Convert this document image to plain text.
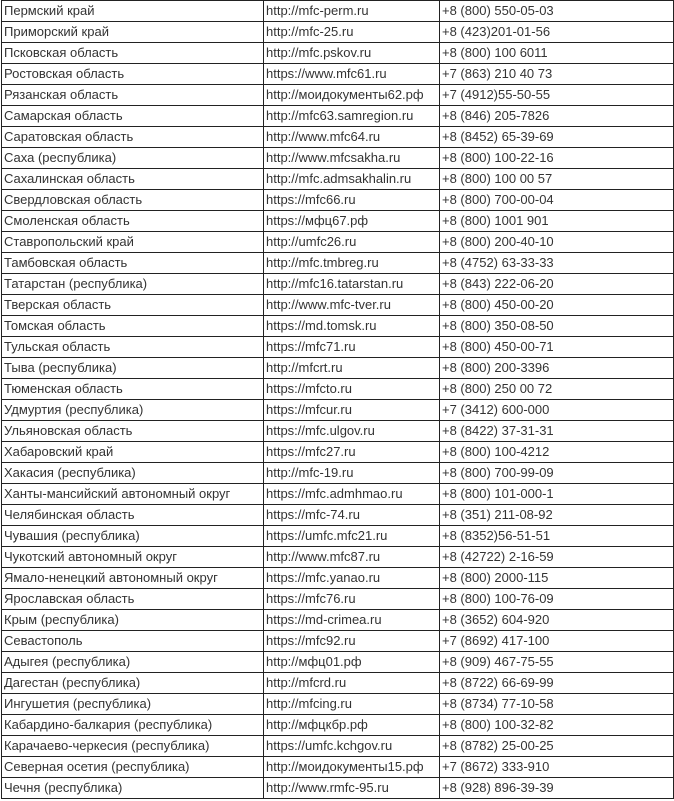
Пермский край	http://mfc-perm.ru	+8 (800) 550-05-03
Приморский край	http://mfc-25.ru	+8 (423)201-01-56
Псковская область	http://mfc.pskov.ru	+8 (800) 100 6011
Ростовская область	https://www.mfc61.ru	+7 (863) 210 40 73
Рязанская область	http://моидокументы62.рф	+7 (4912)55-50-55
Самарская область	http://mfc63.samregion.ru	+8 (846) 205-7826
Саратовская область	http://www.mfc64.ru	+8 (8452) 65-39-69
Саха (республика)	http://www.mfcsakha.ru	+8 (800) 100-22-16
Сахалинская область	http://mfc.admsakhalin.ru	+8 (800) 100 00 57
Свердловская область	https://mfc66.ru	+8 (800) 700-00-04
Смоленская область	https://мфц67.рф	+8 (800) 1001 901
Ставропольский край	http://umfc26.ru	+8 (800) 200-40-10
Тамбовская область	http://mfc.tmbreg.ru	+8 (4752) 63-33-33
Татарстан (республика)	http://mfc16.tatarstan.ru	+8 (843) 222-06-20
Тверская область	http://www.mfc-tver.ru	+8 (800) 450-00-20
Томская область	https://md.tomsk.ru	+8 (800) 350-08-50
Тульская область	https://mfc71.ru	+8 (800) 450-00-71
Тыва (республика)	http://mfcrt.ru	+8 (800) 200-3396
Тюменская область	https://mfcto.ru	+8 (800) 250 00 72
Удмуртия (республика)	https://mfcur.ru	+7 (3412) 600-000
Ульяновская область	https://mfc.ulgov.ru	+8 (8422) 37-31-31
Хабаровский край	https://mfc27.ru	+8 (800) 100-4212
Хакасия (республика)	http://mfc-19.ru	+8 (800) 700-99-09
Ханты-мансийский автономный округ	https://mfc.admhmao.ru	+8 (800) 101-000-1
Челябинская область	https://mfc-74.ru	+8 (351) 211-08-92
Чувашия (республика)	https://umfc.mfc21.ru	+8 (8352)56-51-51
Чукотский автономный округ	http://www.mfc87.ru	+8 (42722) 2-16-59
Ямало-ненецкий автономный округ	https://mfc.yanao.ru	+8 (800) 2000-115
Ярославская область	https://mfc76.ru	+8 (800) 100-76-09
Крым (республика)	https://md-crimea.ru	+8 (3652) 604-920
Севастополь	https://mfc92.ru	+7 (8692) 417-100
Адыгея (республика)	http://мфц01.рф	+8 (909) 467-75-55
Дагестан (республика)	http://mfcrd.ru	+8 (8722) 66-69-99
Ингушетия (республика)	http://mfcing.ru	+8 (8734) 77-10-58
Кабардино-балкария (республика)	http://мфцкбр.рф	+8 (800) 100-32-82
Карачаево-черкесия (республика)	https://umfc.kchgov.ru	+8 (8782) 25-00-25
Северная осетия (республика)	http://моидокументы15.рф	+7 (8672) 333-910
Чечня (республика)	http://www.rmfc-95.ru	+8 (928) 896-39-39
